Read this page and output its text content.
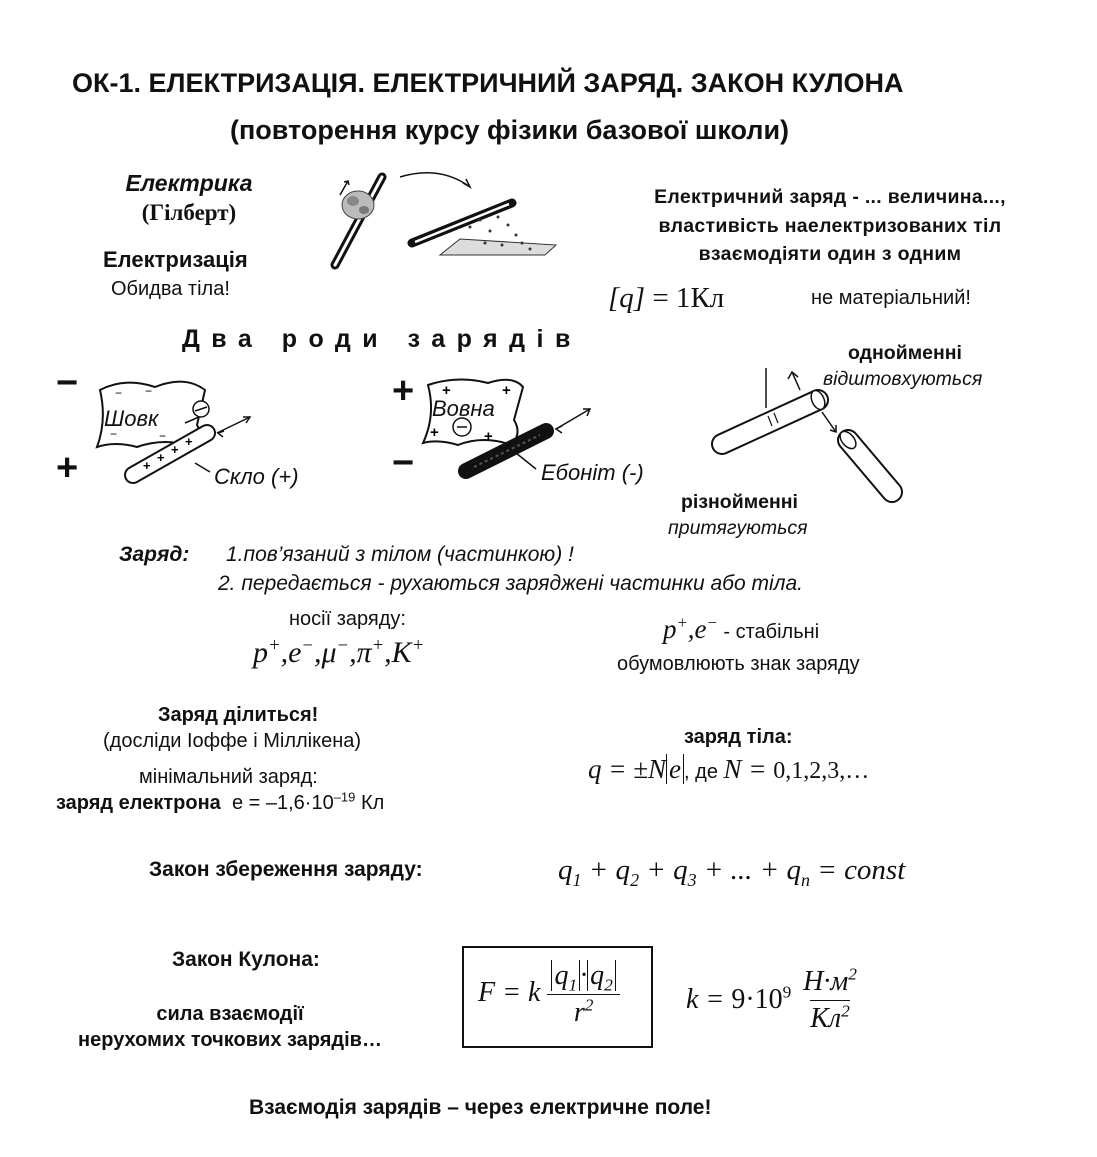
ОК-1. ЕЛЕКТРИЗАЦІЯ. ЕЛЕКТРИЧНИЙ ЗАРЯД. ЗАКОН КУЛОНА
(повторення курсу фізики базової школи)
Електрика
(Гілберт)
Електризація
Обидва тіла!
Електричний заряд - ... величина...,
властивість наелектризованих тіл
взаємодіяти один з одним
[q] = 1Кл	не матеріальний!
Два роди зарядів
−
+
− −
−	−
+
+
+
+
Шовк
Скло (+)
+
−
+	+
+	+
Вовна
Ебоніт (-)
однойменні
відштовхуються
різнойменні
притягуються
Заряд: 1.пов’язаний з тілом (частинкою) !
2. передається - рухаються заряджені частинки або тіла.
носії заряду:
p+,e−,μ−,π+,K+
p+,e− - стабільні
обумовлюють знак заряду
Заряд ділиться!
(досліди Іоффе і Міллікена)
мінімальний заряд:
заряд електрона $e = -1,6\cdot 10^{-19}$ Кл
заряд тіла:
q = ±N e , де N = 0,1,2,3,…
Закон збереження заряду:	$q_1 + q_2 + q_3$ + ... + $q_n$ = const
Закон Кулона:
сила взаємодії
нерухомих точкових зарядів…
F = k $\frac{q_1 \cdot q_2}{r^2}$ $k = 9\cdot 10^9 \frac{Н\cdot м^2}{Кл^2}$
Взаємодія зарядів – через електричне поле!
